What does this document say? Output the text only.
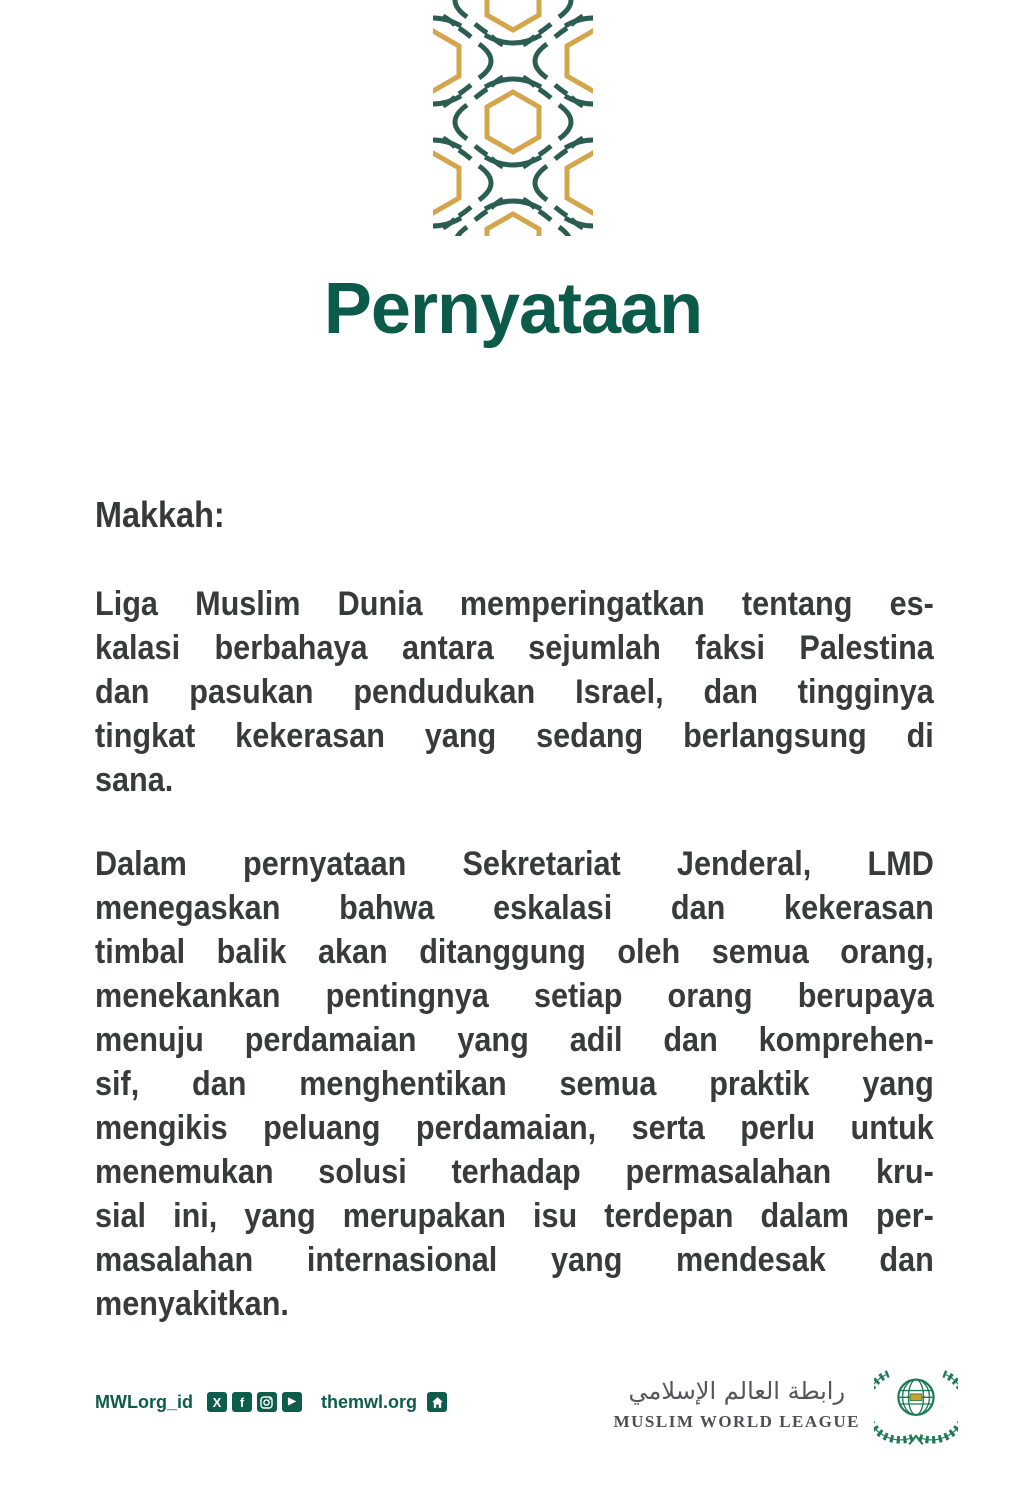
Pernyataan
Makkah:
Liga Muslim Dunia memperingatkan tentang es-
kalasi berbahaya antara sejumlah faksi Palestina
dan pasukan pendudukan Israel, dan tingginya
tingkat kekerasan yang sedang berlangsung di
sana.
Dalam pernyataan Sekretariat Jenderal, LMD
menegaskan bahwa eskalasi dan kekerasan
timbal balik akan ditanggung oleh semua orang,
menekankan pentingnya setiap orang berupaya
menuju perdamaian yang adil dan komprehen-
sif, dan menghentikan semua praktik yang
mengikis peluang perdamaian, serta perlu untuk
menemukan solusi terhadap permasalahan kru-
sial ini, yang merupakan isu terdepan dalam per-
masalahan internasional yang mendesak dan
menyakitkan.
MWLorg_id X f	▶ themwl.org	رابطة العالم الإسلامي
MUSLIM WORLD LEAGUE
